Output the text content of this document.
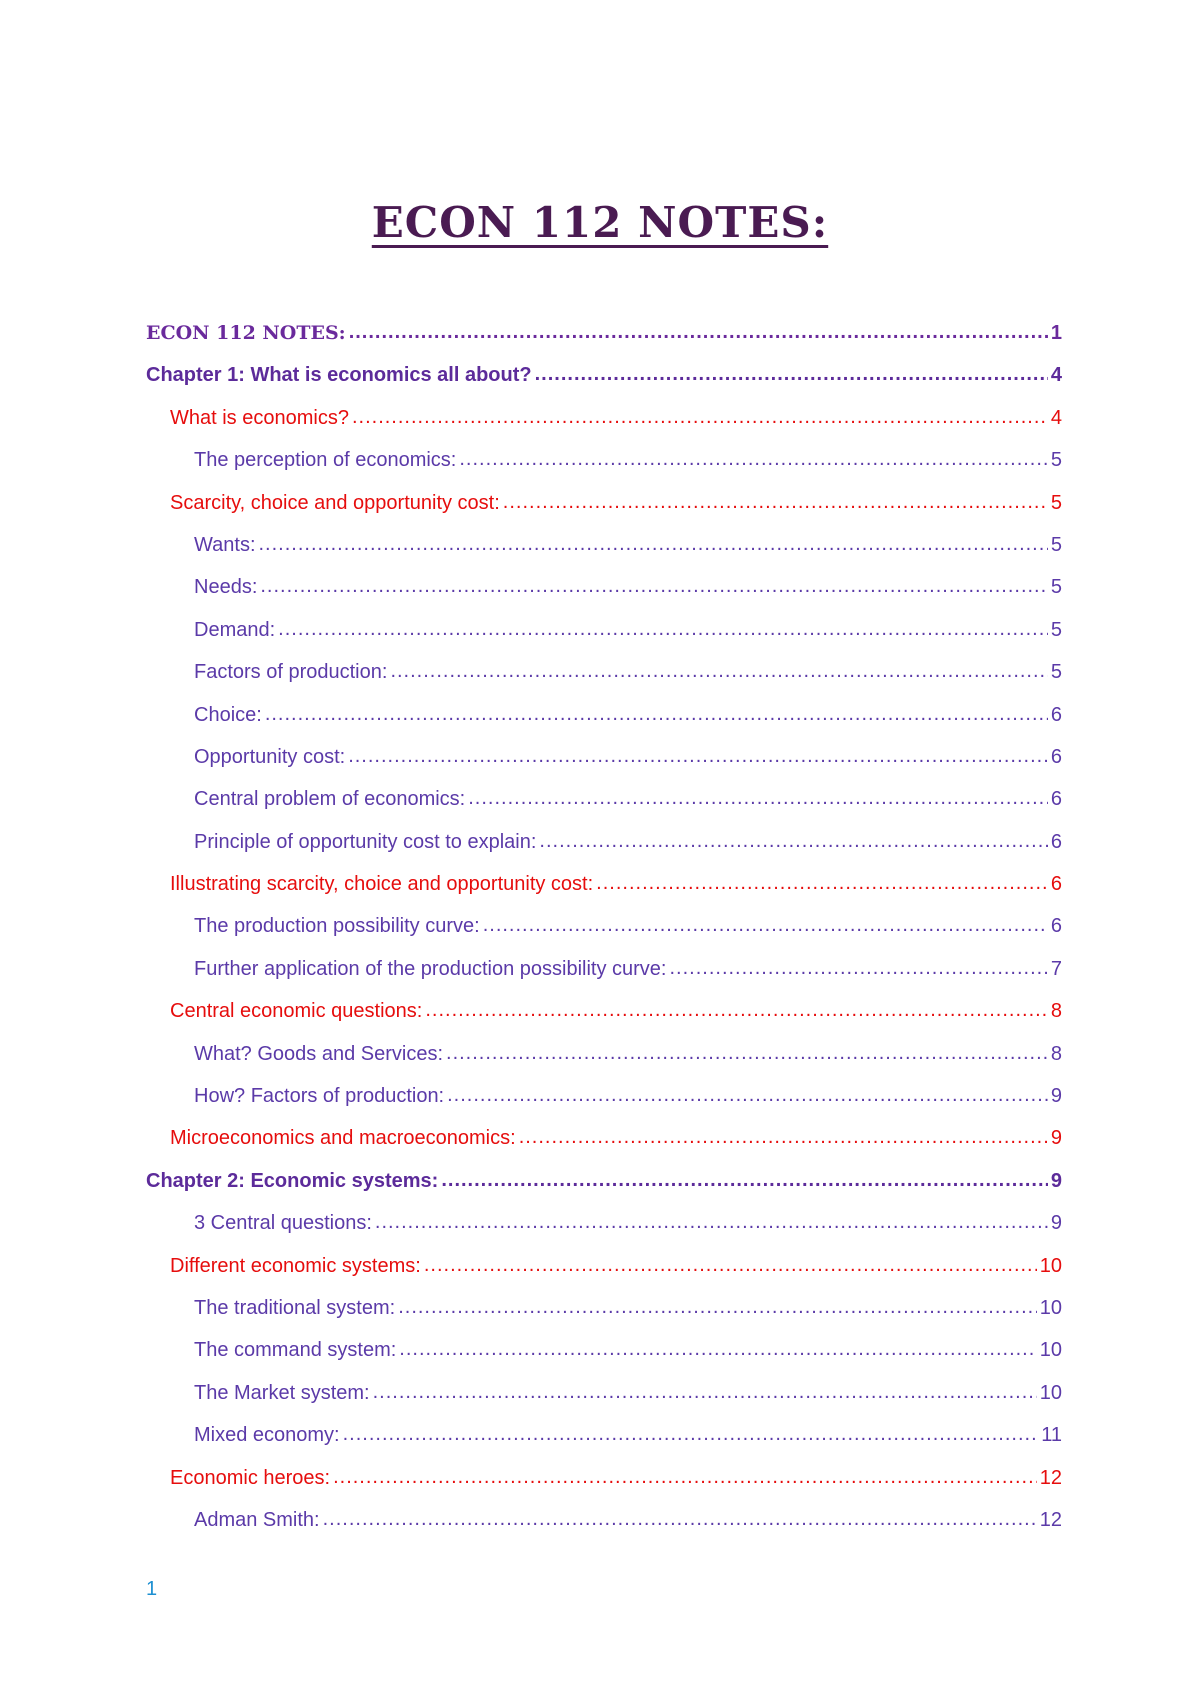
ECON 112 NOTES:
ECON 112 NOTES: .....	1
Chapter 1: What is economics all about? .....	4
What is economics? .....	4
The perception of economics: .....	5
Scarcity, choice and opportunity cost: .....	5
Wants: .....	5
Needs: .....	5
Demand: .....	5
Factors of production: .....	5
Choice: .....	6
Opportunity cost: .....	6
Central problem of economics: .....	6
Principle of opportunity cost to explain: .....	6
Illustrating scarcity, choice and opportunity cost: .....	6
The production possibility curve: .....	6
Further application of the production possibility curve: .....	7
Central economic questions: .....	8
What? Goods and Services: .....	8
How? Factors of production: .....	9
Microeconomics and macroeconomics: .....	9
Chapter 2: Economic systems: .....	9
3 Central questions: .....	9
Different economic systems: .....	10
The traditional system: .....	10
The command system: .....	10
The Market system: .....	10
Mixed economy: .....	11
Economic heroes: .....	12
Adman Smith: .....	12
1
